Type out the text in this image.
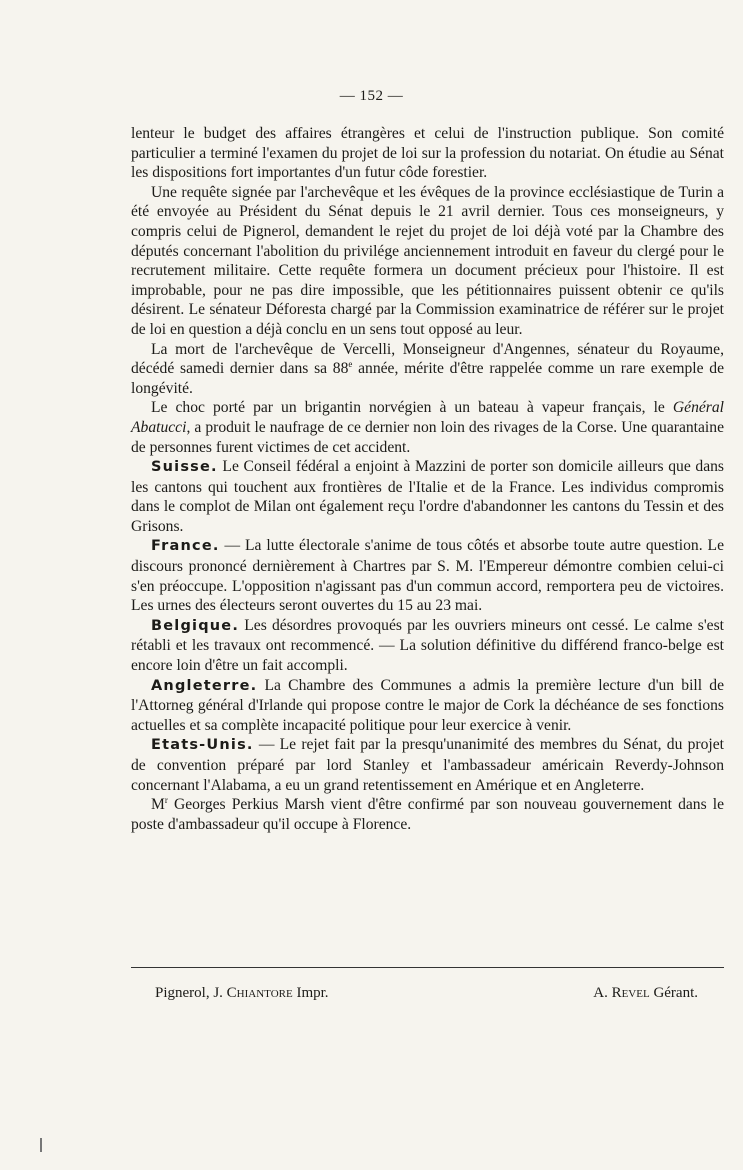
— 152 —

lenteur le budget des affaires étrangères et celui de l'instruction publique. Son comité particulier a terminé l'examen du projet de loi sur la profession du notariat. On étudie au Sénat les dispositions fort importantes d'un futur côde forestier.

Une requête signée par l'archevêque et les évêques de la province ecclésiastique de Turin a été envoyée au Président du Sénat depuis le 21 avril dernier. Tous ces monseigneurs, y compris celui de Pignerol, demandent le rejet du projet de loi déjà voté par la Chambre des députés concernant l'abolition du privilége anciennement introduit en faveur du clergé pour le recrutement militaire. Cette requête formera un document précieux pour l'histoire. Il est improbable, pour ne pas dire impossible, que les pétitionnaires puissent obtenir ce qu'ils désirent. Le sénateur Déforesta chargé par la Commission examinatrice de référer sur le projet de loi en question a déjà conclu en un sens tout opposé au leur.

La mort de l'archevêque de Vercelli, Monseigneur d'Angennes, sénateur du Royaume, décédé samedi dernier dans sa 88e année, mérite d'être rappelée comme un rare exemple de longévité.

Le choc porté par un brigantin norvégien à un bateau à vapeur français, le Général Abatucci, a produit le naufrage de ce dernier non loin des rivages de la Corse. Une quarantaine de personnes furent victimes de cet accident.

Suisse. Le Conseil fédéral a enjoint à Mazzini de porter son domicile ailleurs que dans les cantons qui touchent aux frontières de l'Italie et de la France. Les individus compromis dans le complot de Milan ont également reçu l'ordre d'abandonner les cantons du Tessin et des Grisons.

France. — La lutte électorale s'anime de tous côtés et absorbe toute autre question. Le discours prononcé dernièrement à Chartres par S. M. l'Empereur démontre combien celui-ci s'en préoccupe. L'opposition n'agissant pas d'un commun accord, remportera peu de victoires. Les urnes des électeurs seront ouvertes du 15 au 23 mai.

Belgique. Les désordres provoqués par les ouvriers mineurs ont cessé. Le calme s'est rétabli et les travaux ont recommencé. — La solution définitive du différend franco-belge est encore loin d'être un fait accompli.

Angleterre. La Chambre des Communes a admis la première lecture d'un bill de l'Attorneg général d'Irlande qui propose contre le major de Cork la déchéance de ses fonctions actuelles et sa complète incapacité politique pour leur exercice à venir.

Etats-Unis. — Le rejet fait par la presqu'unanimité des membres du Sénat, du projet de convention préparé par lord Stanley et l'ambassadeur américain Reverdy-Johnson concernant l'Alabama, a eu un grand retentissement en Amérique et en Angleterre.

$M^r$ Georges Perkius Marsh vient d'être confirmé par son nouveau gouvernement dans le poste d'ambassadeur qu'il occupe à Florence.

Pignerol, J. Chiantore Impr.	A. Revel Gérant.
